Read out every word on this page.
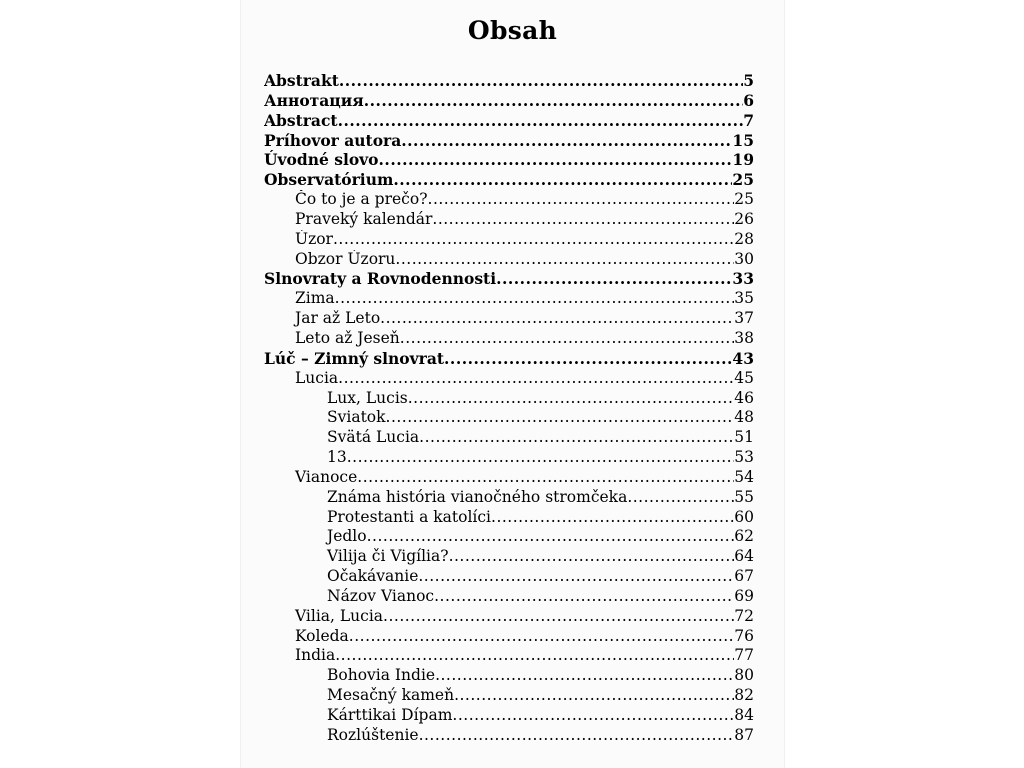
Obsah
Abstrakt .....	5
Аннотация .....	6
Abstract .....	7
Príhovor autora .....	15
Úvodné slovo .....	19
Observatórium .....	25
Čo to je a prečo? .....	25
Praveký kalendár .....	26
Úzor .....	28
Obzor Úzoru .....	30
Slnovraty a Rovnodennosti .....	33
Zima .....	35
Jar až Leto .....	37
Leto až Jeseň .....	38
Lúč – Zimný slnovrat .....	43
Lucia .....	45
Lux, Lucis .....	46
Sviatok .....	48
Svätá Lucia .....	51
13 .....	53
Vianoce .....	54
Známa história vianočného stromčeka .....	55
Protestanti a katolíci .....	60
Jedlo .....	62
Vilija či Vigília? .....	64
Očakávanie .....	67
Názov Vianoc .....	69
Vilia, Lucia .....	72
Koleda .....	76
India .....	77
Bohovia Indie .....	80
Mesačný kameň .....	82
Kárttikai Dípam .....	84
Rozlúštenie .....	87
